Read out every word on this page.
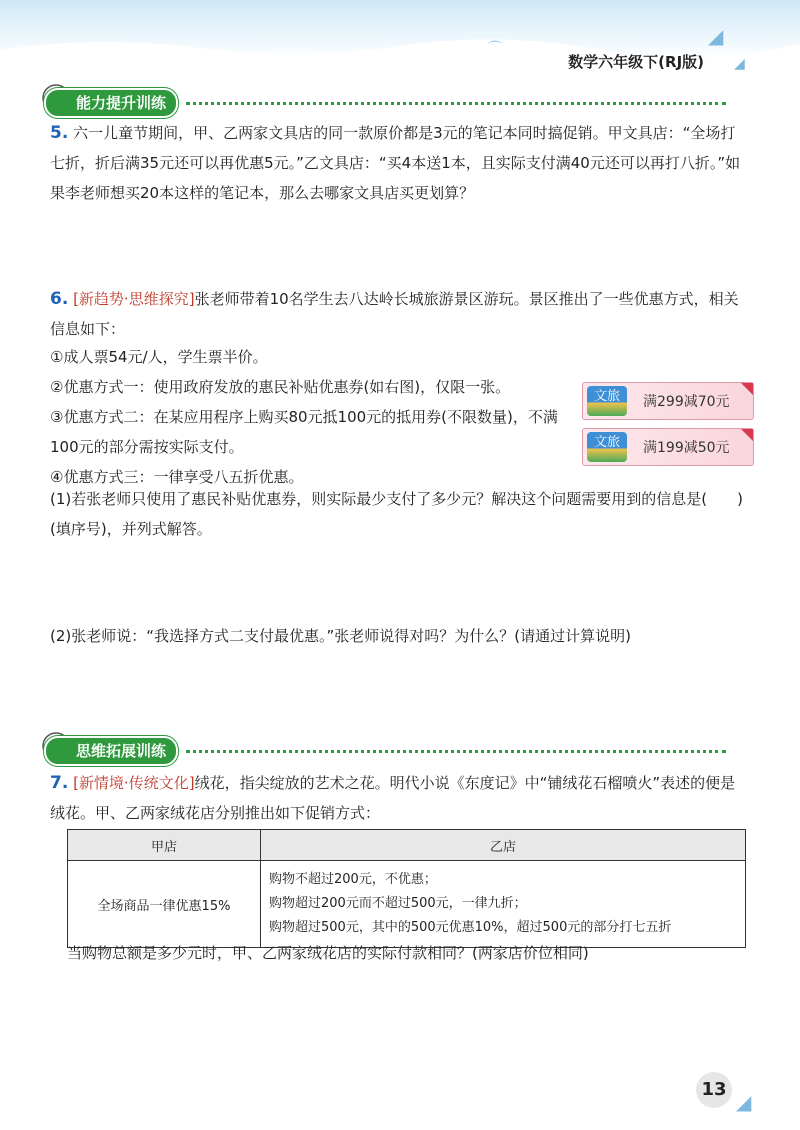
⌒
◢
◢
数学六年级下(RJ版)
能力提升训练
5. 六一儿童节期间，甲、乙两家文具店的同一款原价都是3元的笔记本同时搞促销。甲文具店：“全场打七折，折后满35元还可以再优惠5元。”乙文具店：“买4本送1本，且实际支付满40元还可以再打八折。”如果李老师想买20本这样的笔记本，那么去哪家文具店买更划算？
6. [新趋势·思维探究]张老师带着10名学生去八达岭长城旅游景区游玩。景区推出了一些优惠方式，相关信息如下：
①成人票54元/人，学生票半价。
②优惠方式一：使用政府发放的惠民补贴优惠券(如右图)，仅限一张。
③优惠方式二：在某应用程序上购买80元抵100元的抵用券(不限数量)，不满100元的部分需按实际支付。
④优惠方式三：一律享受八五折优惠。
文旅	满299减70元
文旅	满199减50元
(1)若张老师只使用了惠民补贴优惠券，则实际最少支付了多少元？解决这个问题需要用到的信息是(　　)(填序号)，并列式解答。
(2)张老师说：“我选择方式二支付最优惠。”张老师说得对吗？为什么？(请通过计算说明)
思维拓展训练
7. [新情境·传统文化]绒花，指尖绽放的艺术之花。明代小说《东度记》中“铺绒花石榴喷火”表述的便是绒花。甲、乙两家绒花店分别推出如下促销方式：
甲店	乙店
全场商品一律优惠15%	购物不超过200元，不优惠；
购物超过200元而不超过500元，一律九折；
购物超过500元，其中的500元优惠10%，超过500元的部分打七五折
当购物总额是多少元时，甲、乙两家绒花店的实际付款相同？(两家店价位相同)
13
◢
